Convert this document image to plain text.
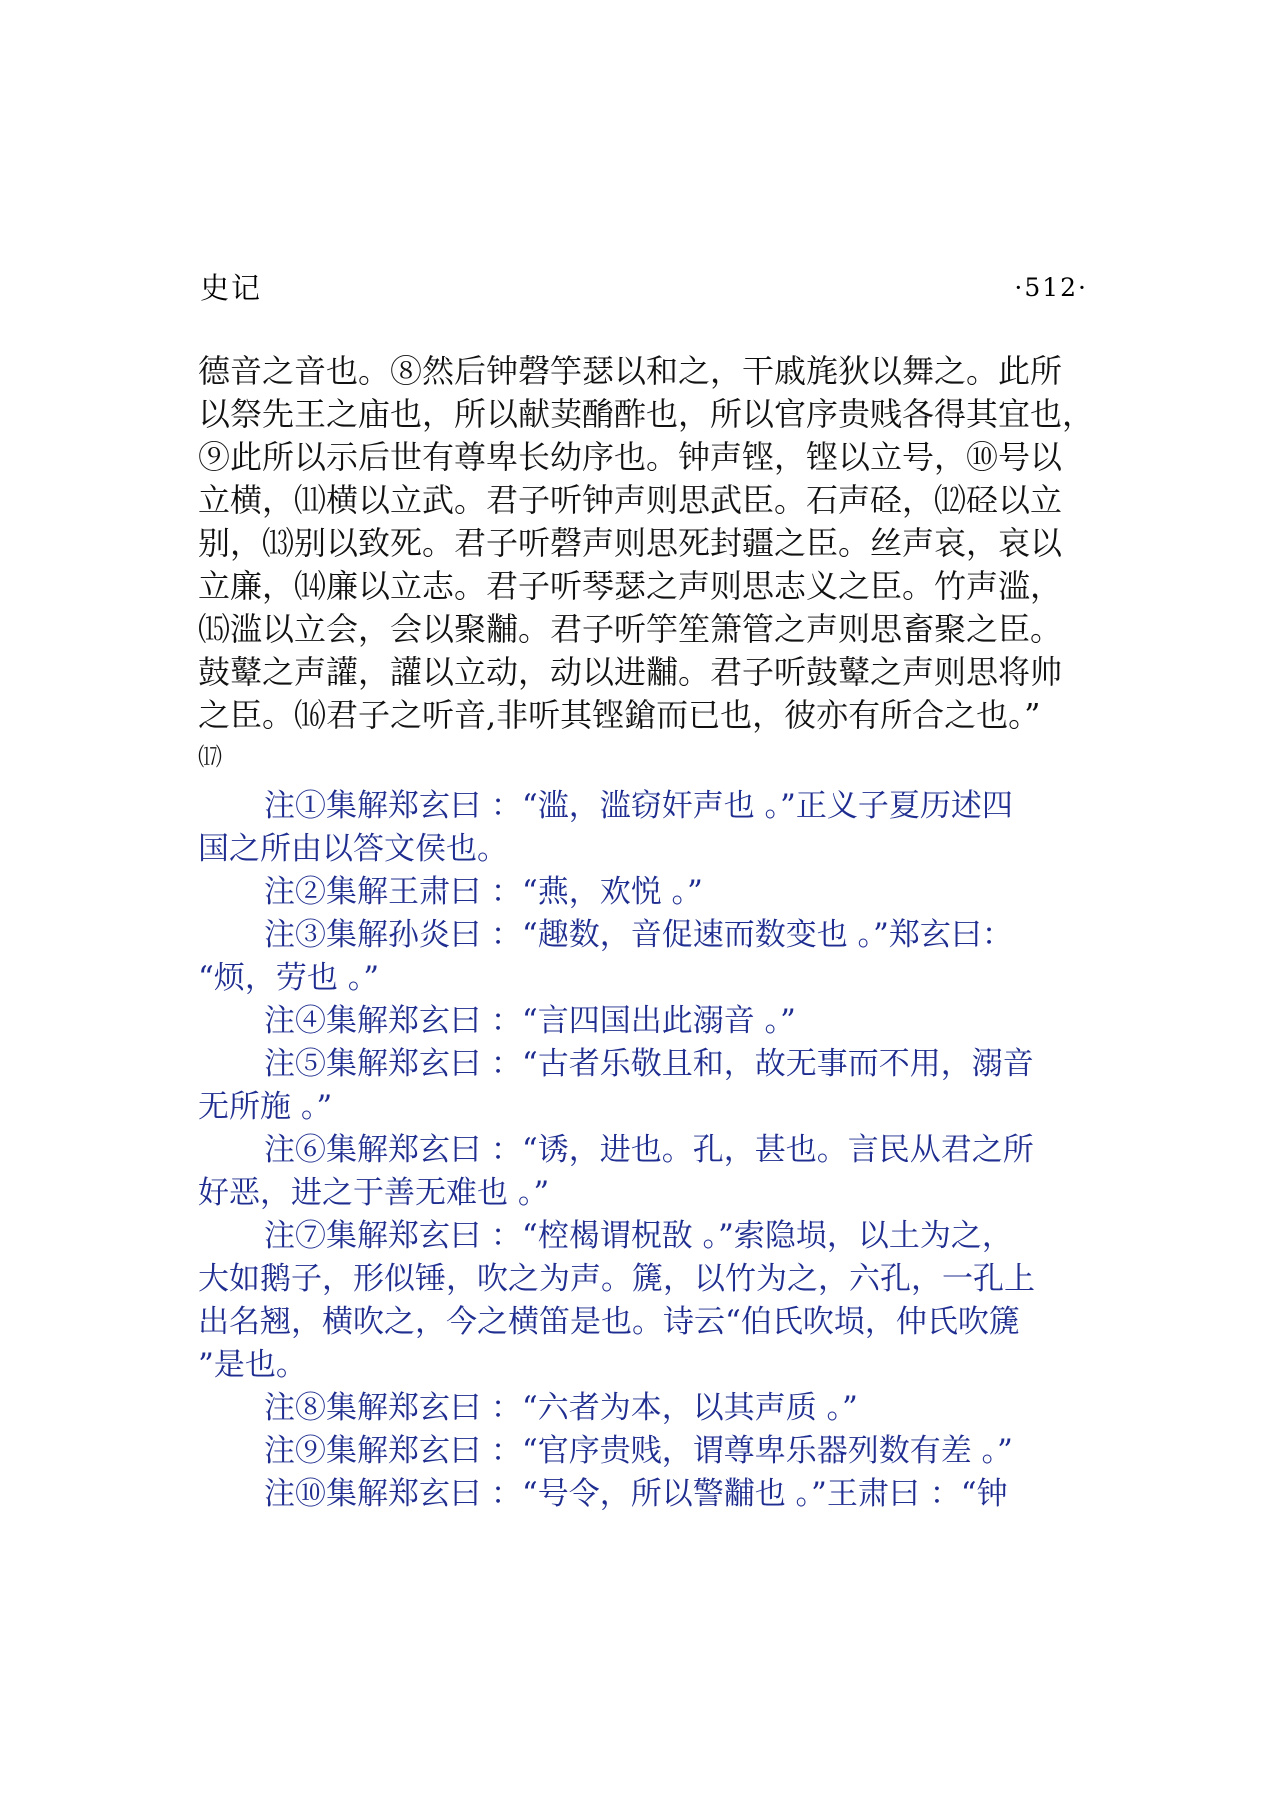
史记	·512·
德音之音也。⑧然后钟磬竽瑟以和之，干戚旄狄以舞之。此所
以祭先王之庙也，所以献荬酳酢也，所以官序贵贱各得其宜也，
⑨此所以示后世有尊卑长幼序也。钟声铿，铿以立号，⑩号以
立横，⑾横以立武。君子听钟声则思武臣。石声硁，⑿硁以立
别，⒀别以致死。君子听磬声则思死封疆之臣。丝声哀，哀以
立廉，⒁廉以立志。君子听琴瑟之声则思志义之臣。竹声滥，
⒂滥以立会，会以聚黼。君子听竽笙箫管之声则思畜聚之臣。
鼓鼙之声讙，讙以立动，动以进黼。君子听鼓鼙之声则思将帅
之臣。⒃君子之听音,非听其铿鎗而已也，彼亦有所合之也。”
⒄
注①集解郑玄曰 ：“滥，滥窃奸声也 。”正义子夏历述四
国之所由以答文侯也。
注②集解王肃曰 ：“燕，欢悦 。”
注③集解孙炎曰 ：“趣数，音促速而数变也 。”郑玄曰：
“烦，劳也 。”
注④集解郑玄曰 ：“言四国出此溺音 。”
注⑤集解郑玄曰 ：“古者乐敬且和，故无事而不用，溺音
无所施 。”
注⑥集解郑玄曰 ：“诱，进也。孔，甚也。言民从君之所
好恶，进之于善无难也 。”
注⑦集解郑玄曰 ：“椌楬谓柷敔 。”索隐埙，以土为之，
大如鹅子，形似锤，吹之为声。篪，以竹为之，六孔，一孔上
出名翘，横吹之，今之横笛是也。诗云“伯氏吹埙，仲氏吹篪
”是也。
注⑧集解郑玄曰 ：“六者为本，以其声质 。”
注⑨集解郑玄曰 ：“官序贵贱，谓尊卑乐器列数有差 。”
注⑩集解郑玄曰 ：“号令，所以警黼也 。”王肃曰 ：“钟
